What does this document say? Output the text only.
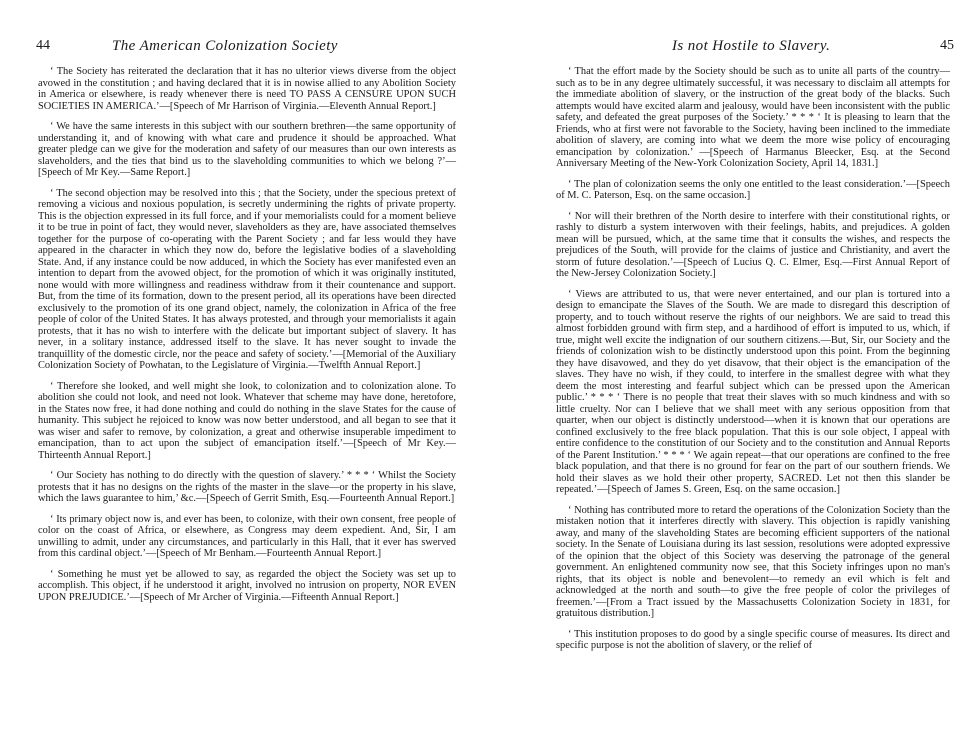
44	The American Colonization Society

‘ The Society has reiterated the declaration that it has no ulterior views diverse from the object avowed in the constitution ; and having declared that it is in nowise allied to any Abolition Society in America or elsewhere, is ready whenever there is need TO PASS A CENSURE UPON SUCH SOCIETIES IN AMERICA.’—[Speech of Mr Harrison of Virginia.—Eleventh Annual Report.]

‘ We have the same interests in this subject with our southern brethren—the same opportunity of understanding it, and of knowing with what care and prudence it should be approached. What greater pledge can we give for the moderation and safety of our measures than our own interests as slaveholders, and the ties that bind us to the slaveholding communities to which we belong ?’—[Speech of Mr Key.—Same Report.]

‘ The second objection may be resolved into this ; that the Society, under the specious pretext of removing a vicious and noxious population, is secretly undermining the rights of private property. This is the objection expressed in its full force, and if your memorialists could for a moment believe it to be true in point of fact, they would never, slaveholders as they are, have associated themselves together for the purpose of co-operating with the Parent Society ; and far less would they have appeared in the character in which they now do, before the legislative bodies of a slaveholding State. And, if any instance could be now adduced, in which the Society has ever manifested even an intention to depart from the avowed object, for the promotion of which it was originally instituted, none would with more willingness and readiness withdraw from it their countenance and support. But, from the time of its formation, down to the present period, all its operations have been directed exclusively to the promotion of its one grand object, namely, the colonization in Africa of the free people of color of the United States. It has always protested, and through your memorialists it again protests, that it has no wish to interfere with the delicate but important subject of slavery. It has never, in a solitary instance, addressed itself to the slave. It has never sought to invade the tranquillity of the domestic circle, nor the peace and safety of society.’—[Memorial of the Auxiliary Colonization Society of Powhatan, to the Legislature of Virginia.—Twelfth Annual Report.]

‘ Therefore she looked, and well might she look, to colonization and to colonization alone. To abolition she could not look, and need not look. Whatever that scheme may have done, heretofore, in the States now free, it had done nothing and could do nothing in the slave States for the cause of humanity. This subject he rejoiced to know was now better understood, and all began to see that it was wiser and safer to remove, by colonization, a great and otherwise insuperable impediment to emancipation, than to act upon the subject of emancipation itself.’—[Speech of Mr Key.—Thirteenth Annual Report.]

‘ Our Society has nothing to do directly with the question of slavery.’ * * * ‘ Whilst the Society protests that it has no designs on the rights of the master in the slave—or the property in his slave, which the laws guarantee to him,’ &c.—[Speech of Gerrit Smith, Esq.—Fourteenth Annual Report.]

‘ Its primary object now is, and ever has been, to colonize, with their own consent, free people of color on the coast of Africa, or elsewhere, as Congress may deem expedient. And, Sir, I am unwilling to admit, under any circumstances, and particularly in this Hall, that it ever has swerved from this cardinal object.’—[Speech of Mr Benham.—Fourteenth Annual Report.]

‘ Something he must yet be allowed to say, as regarded the object the Society was set up to accomplish. This object, if he understood it aright, involved no intrusion on property, NOR EVEN UPON PREJUDICE.’—[Speech of Mr Archer of Virginia.—Fifteenth Annual Report.]

Is not Hostile to Slavery.	45

‘ That the effort made by the Society should be such as to unite all parts of the country—such as to be in any degree ultimately successful, it was necessary to disclaim all attempts for the immediate abolition of slavery, or the instruction of the great body of the blacks. Such attempts would have excited alarm and jealousy, would have been inconsistent with the public safety, and defeated the great purposes of the Society.’ * * * ‘ It is pleasing to learn that the Friends, who at first were not favorable to the Society, having been inclined to the immediate abolition of slavery, are coming into what we deem the more wise policy of encouraging emancipation by colonization.’ —[Speech of Harmanus Bleecker, Esq. at the Second Anniversary Meeting of the New-York Colonization Society, April 14, 1831.]

‘ The plan of colonization seems the only one entitled to the least consideration.’—[Speech of M. C. Paterson, Esq. on the same occasion.]

‘ Nor will their brethren of the North desire to interfere with their constitutional rights, or rashly to disturb a system interwoven with their feelings, habits, and prejudices. A golden mean will be pursued, which, at the same time that it consults the wishes, and respects the prejudices of the South, will provide for the claims of justice and Christianity, and avert the storm of future desolation.’—[Speech of Lucius Q. C. Elmer, Esq.—First Annual Report of the New-Jersey Colonization Society.]

‘ Views are attributed to us, that were never entertained, and our plan is tortured into a design to emancipate the Slaves of the South. We are made to disregard this description of property, and to touch without reserve the rights of our neighbors. We are said to tread this almost forbidden ground with firm step, and a hardihood of effort is imputed to us, which, if true, might well excite the indignation of our southern citizens.—But, Sir, our Society and the friends of colonization wish to be distinctly understood upon this point. From the beginning they have disavowed, and they do yet disavow, that their object is the emancipation of the slaves. They have no wish, if they could, to interfere in the smallest degree with what they deem the most interesting and fearful subject which can be pressed upon the American public.’ * * * ‘ There is no people that treat their slaves with so much kindness and with so little cruelty. Nor can I believe that we shall meet with any serious opposition from that quarter, when our object is distinctly understood—when it is known that our operations are confined exclusively to the free black population. That this is our sole object, I appeal with entire confidence to the constitution of our Society and to the constitution and Annual Reports of the Parent Institution.’ * * * ‘ We again repeat—that our operations are confined to the free black population, and that there is no ground for fear on the part of our southern friends. We hold their slaves as we hold their other property, SACRED. Let not then this slander be repeated.’—[Speech of James S. Green, Esq. on the same occasion.]

‘ Nothing has contributed more to retard the operations of the Colonization Society than the mistaken notion that it interferes directly with slavery. This objection is rapidly vanishing away, and many of the slaveholding States are becoming efficient supporters of the national society. In the Senate of Louisiana during its last session, resolutions were adopted expressive of the opinion that the object of this Society was deserving the patronage of the general government. An enlightened community now see, that this Society infringes upon no man's rights, that its object is noble and benevolent—to remedy an evil which is felt and acknowledged at the north and south—to give the free people of color the privileges of freemen.’—[From a Tract issued by the Massachusetts Colonization Society in 1831, for gratuitous distribution.]

‘ This institution proposes to do good by a single specific course of measures. Its direct and specific purpose is not the abolition of slavery, or the relief of
